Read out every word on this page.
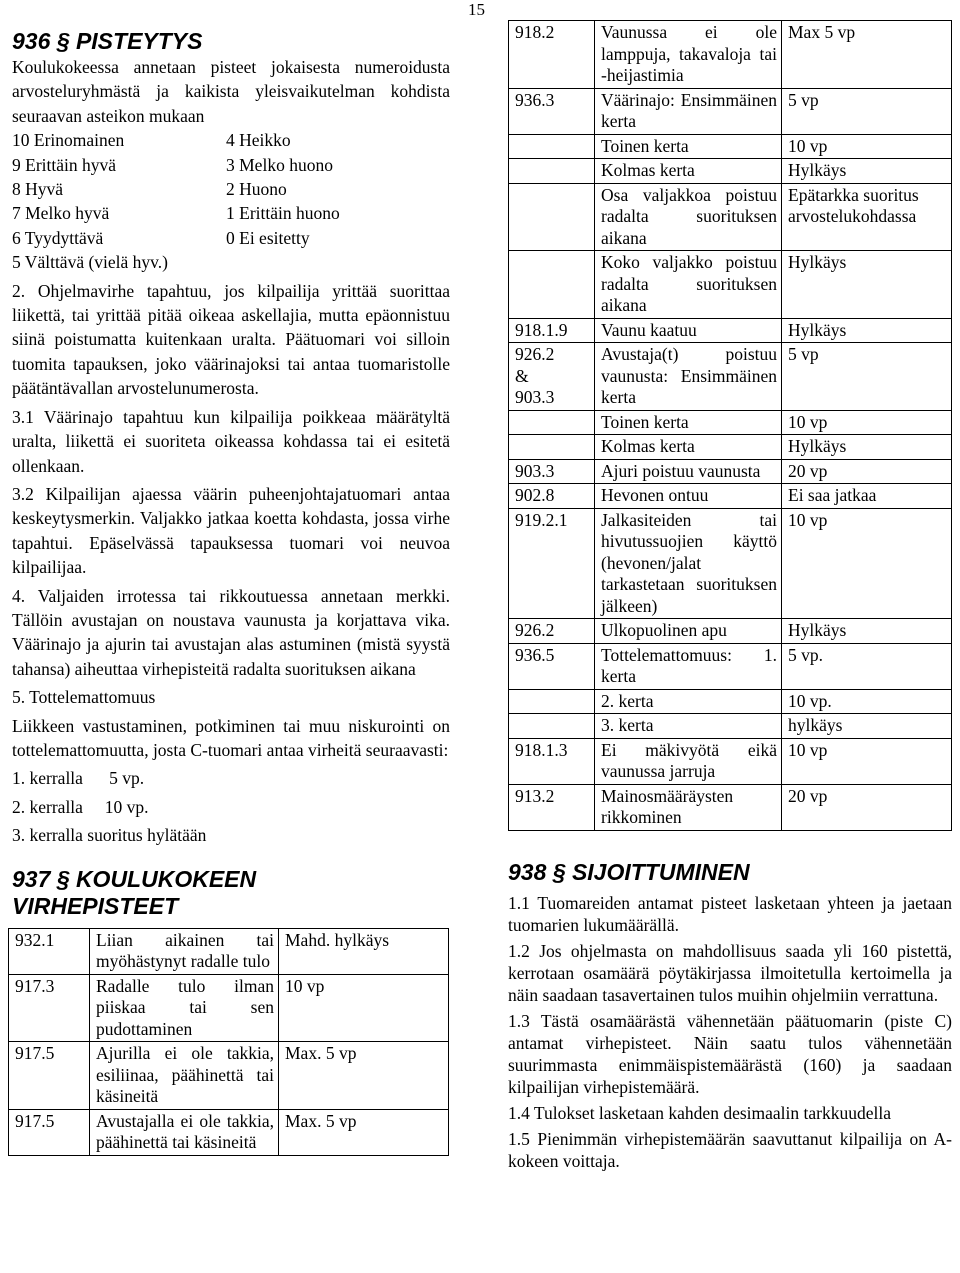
15
936 § PISTEYTYS

Koulukokeessa annetaan pisteet jokaisesta numeroidusta arvosteluryhmästä ja kaikista yleisvaikutelman kohdista seuraavan asteikon mukaan

10 Erinomainen	4 Heikko
9 Erittäin hyvä	3 Melko huono
8 Hyvä	2 Huono
7 Melko hyvä	1 Erittäin huono
6 Tyydyttävä	0 Ei esitetty
5 Välttävä (vielä hyv.)

2. Ohjelmavirhe tapahtuu, jos kilpailija yrittää suorittaa liikettä, tai yrittää pitää oikeaa askellajia, mutta epäonnistuu siinä poistumatta kuitenkaan uralta. Päätuomari voi silloin tuomita tapauksen, joko väärinajoksi tai antaa tuomaristolle päätäntävallan arvostelunumerosta.

3.1 Väärinajo tapahtuu kun kilpailija poikkeaa määrätyltä uralta, liikettä ei suoriteta oikeassa kohdassa tai ei esitetä ollenkaan.

3.2 Kilpailijan ajaessa väärin puheenjohtajatuomari antaa keskeytysmerkin. Valjakko jatkaa koetta kohdasta, jossa virhe tapahtui. Epäselvässä tapauksessa tuomari voi neuvoa kilpailijaa.

4. Valjaiden irrotessa tai rikkoutuessa annetaan merkki. Tällöin avustajan on noustava vaunusta ja korjattava vika. Väärinajo ja ajurin tai avustajan alas astuminen (mistä syystä tahansa) aiheuttaa virhepisteitä radalta suorituksen aikana

5. Tottelemattomuus

Liikkeen vastustaminen, potkiminen tai muu niskurointi on tottelemattomuutta, josta C-tuomari antaa virheitä seuraavasti:

1. kerralla      5 vp.
2. kerralla     10 vp.
3. kerralla suoritus hylätään
937 § KOULUKOKEEN
VIRHEPISTEET
932.1	Liian aikainen tai myöhästynyt radalle tulo	Mahd. hylkäys
917.3	Radalle tulo ilman piiskaa tai sen pudottaminen	10 vp
917.5	Ajurilla ei ole takkia, esiliinaa, päähinettä tai käsineitä	Max. 5 vp
917.5	Avustajalla ei ole takkia, päähinettä tai käsineitä	Max. 5 vp
918.2	Vaunussa ei ole lamppuja, takavaloja tai -heijastimia	Max 5 vp
936.3	Väärinajo: Ensimmäinen kerta	5 vp
	Toinen kerta	10 vp
	Kolmas kerta	Hylkäys
	Osa valjakkoa poistuu radalta suorituksen aikana	Epätarkka suoritus arvostelukohdassa
	Koko valjakko poistuu radalta suorituksen aikana	Hylkäys
918.1.9	Vaunu kaatuu	Hylkäys

926.2
&
903.3	Avustaja(t) poistuu vaunusta: Ensimmäinen kerta	5 vp
	Toinen kerta	10 vp
	Kolmas kerta	Hylkäys
903.3	Ajuri poistuu vaunusta	20 vp
902.8	Hevonen ontuu	Ei saa jatkaa
919.2.1	Jalkasiteiden tai hivutussuojien käyttö (hevonen/jalat tarkastetaan suorituksen jälkeen)	10 vp
926.2	Ulkopuolinen apu	Hylkäys
936.5	Tottelemattomuus: 1. kerta	5 vp.
	2. kerta	10 vp.
	3. kerta	hylkäys
918.1.3	Ei mäkivyötä eikä vaunussa jarruja	10 vp
913.2	Mainosmääräysten rikkominen	20 vp
938 § SIJOITTUMINEN

1.1 Tuomareiden antamat pisteet lasketaan yhteen ja jaetaan tuomarien lukumäärällä.

1.2 Jos ohjelmasta on mahdollisuus saada yli 160 pistettä, kerrotaan osamäärä pöytäkirjassa ilmoitetulla kertoimella ja näin saadaan tasavertainen tulos muihin ohjelmiin verrattuna.

1.3 Tästä osamäärästä vähennetään päätuomarin (piste C) antamat virhepisteet. Näin saatu tulos vähennetään suurimmasta enimmäispistemäärästä (160) ja saadaan kilpailijan virhepistemäärä.

1.4 Tulokset lasketaan kahden desimaalin tarkkuudella

1.5 Pienimmän virhepistemäärän saavuttanut kilpailija on A-kokeen voittaja.
